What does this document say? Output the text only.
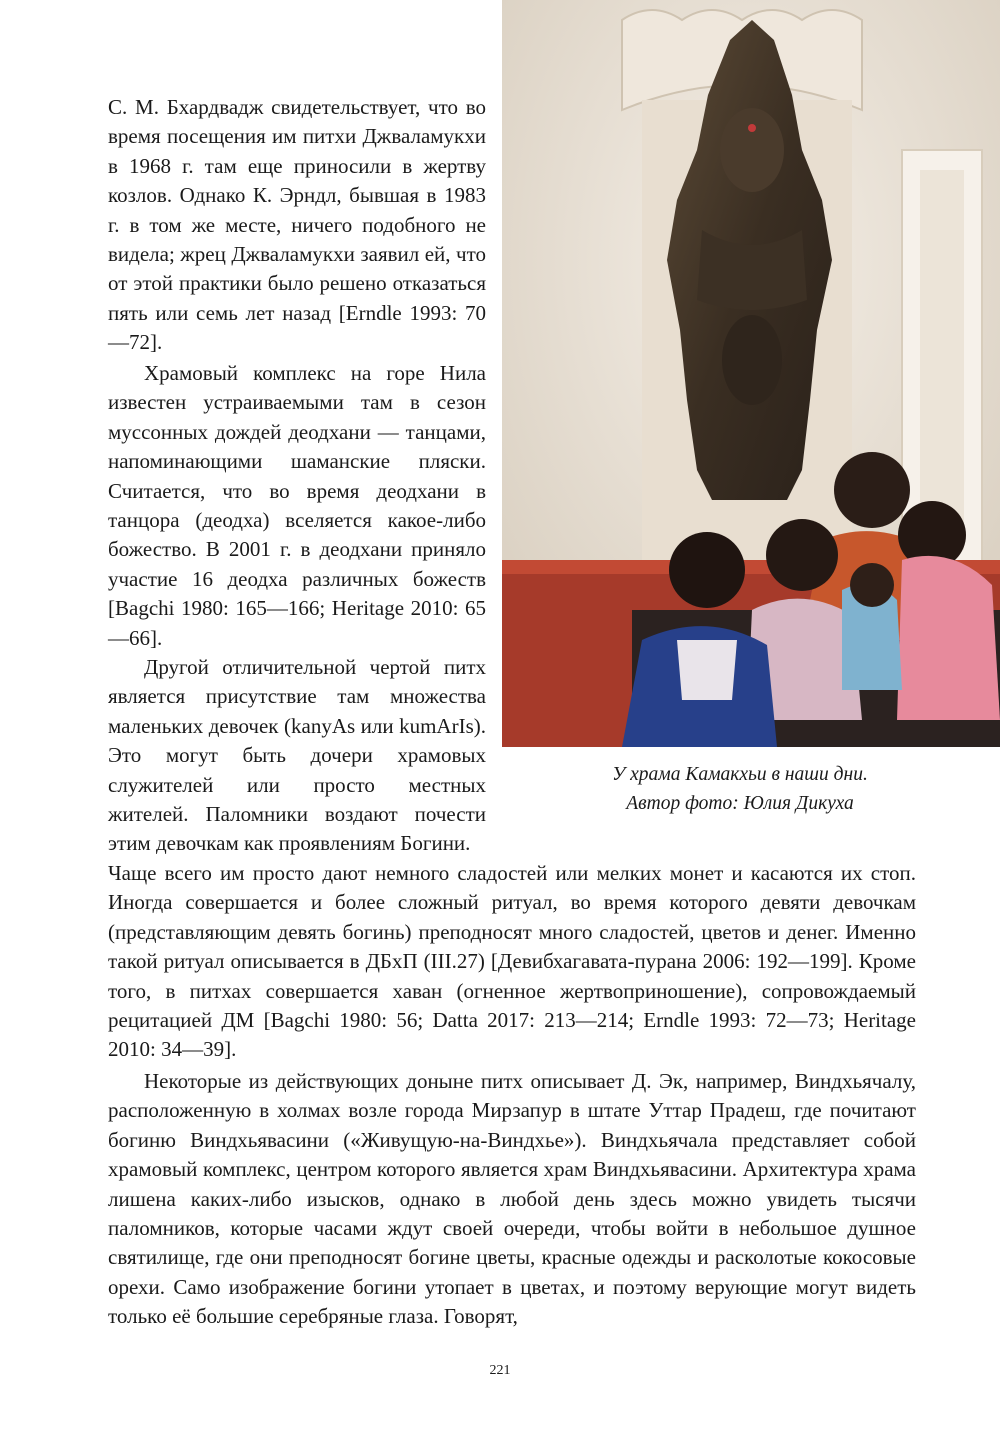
С. М. Бхардвадж свидетельствует, что во время посещения им питхи Джваламукхи в 1968 г. там еще приносили в жертву козлов. Однако К. Эрндл, бывшая в 1983 г. в том же месте, ничего подобного не видела; жрец Джваламукхи заявил ей, что от этой практики было решено отказаться пять или семь лет назад [Erndle 1993: 70—72].

Храмовый комплекс на горе Нила известен устраиваемыми там в сезон муссонных дождей деодхани — танцами, напоминающими шаманские пляски. Считается, что во время деодхани в танцора (деодха) вселяется какое-либо божество. В 2001 г. в деодхани приняло участие 16 деодха различных божеств [Bagchi 1980: 165—166; Heritage 2010: 65—66].

Другой отличительной чертой питх является присутствие там множества маленьких девочек (kanyAs или kumArIs). Это могут быть дочери храмовых служителей или просто местных жителей. Паломники воздают почести этим девочкам как проявлениям Богини.

У храма Камакхьи в наши дни.
Автор фото: Юлия Дикуха

Чаще всего им просто дают немного сладостей или мелких монет и касаются их стоп. Иногда совершается и более сложный ритуал, во время которого девяти девочкам (представляющим девять богинь) преподносят много сладостей, цветов и денег. Именно такой ритуал описывается в ДБхП (III.27) [Девибхагавата-пурана 2006: 192—199]. Кроме того, в питхах совершается хаван (огненное жертвоприношение), сопровождаемый рецитацией ДМ [Bagchi 1980: 56; Datta 2017: 213—214; Erndle 1993: 72—73; Heritage 2010: 34—39].

Некоторые из действующих доныне питх описывает Д. Эк, например, Виндхьячалу, расположенную в холмах возле города Мирзапур в штате Уттар Прадеш, где почитают богиню Виндхьявасини («Живущую-на-Виндхье»). Виндхьячала представляет собой храмовый комплекс, центром которого является храм Виндхьявасини. Архитектура храма лишена каких-либо изысков, однако в любой день здесь можно увидеть тысячи паломников, которые часами ждут своей очереди, чтобы войти в небольшое душное святилище, где они преподносят богине цветы, красные одежды и расколотые кокосовые орехи. Само изображение богини утопает в цветах, и поэтому верующие могут видеть только её большие серебряные глаза. Говорят,

221
